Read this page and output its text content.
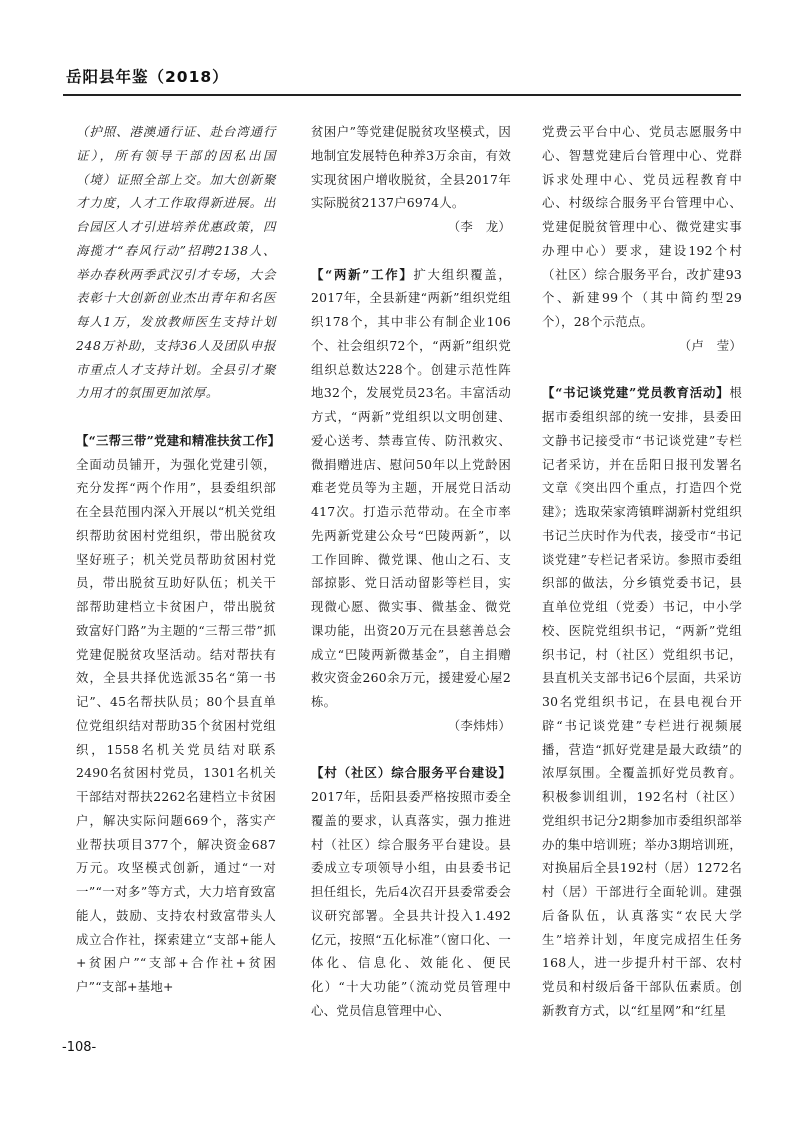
岳阳县年鉴（2018）

（护照、港澳通行证、赴台湾通行证），所有领导干部的因私出国（境）证照全部上交。加大创新聚才力度，人才工作取得新进展。出台园区人才引进培养优惠政策，四海揽才“春风行动”招聘2138人、举办春秋两季武汉引才专场，大会表彰十大创新创业杰出青年和名医每人1万，发放教师医生支持计划248万补助，支持36人及团队申报市重点人才支持计划。全县引才聚力用才的氛围更加浓厚。

【“三帮三带”党建和精准扶贫工作】全面动员铺开，为强化党建引领，充分发挥“两个作用”，县委组织部在全县范围内深入开展以“机关党组织帮助贫困村党组织，带出脱贫攻坚好班子；机关党员帮助贫困村党员，带出脱贫互助好队伍；机关干部帮助建档立卡贫困户，带出脱贫致富好门路”为主题的“三帮三带”抓党建促脱贫攻坚活动。结对帮扶有效，全县共择优选派35名“第一书记”、45名帮扶队员；80个县直单位党组织结对帮助35个贫困村党组织，1558名机关党员结对联系2490名贫困村党员，1301名机关干部结对帮扶2262名建档立卡贫困户，解决实际问题669个，落实产业帮扶项目377个，解决资金687万元。攻坚模式创新，通过“一对一”“一对多”等方式，大力培育致富能人，鼓励、支持农村致富带头人成立合作社，探索建立“支部+能人+贫困户”“支部+合作社+贫困户”“支部+基地+

贫困户”等党建促脱贫攻坚模式，因地制宜发展特色种养3万余亩，有效实现贫困户增收脱贫，全县2017年实际脱贫2137户6974人。

（李　龙）

【“两新”工作】扩大组织覆盖，2017年，全县新建“两新”组织党组织178个，其中非公有制企业106个、社会组织72个，“两新”组织党组织总数达228个。创建示范性阵地32个，发展党员23名。丰富活动方式，“两新”党组织以文明创建、爱心送考、禁毒宣传、防汛救灾、微捐赠进店、慰问50年以上党龄困难老党员等为主题，开展党日活动417次。打造示范带动。在全市率先两新党建公众号“巴陵两新”，以工作回眸、微党课、他山之石、支部掠影、党日活动留影等栏目，实现微心愿、微实事、微基金、微党课功能，出资20万元在县慈善总会成立“巴陵两新微基金”，自主捐赠救灾资金260余万元，援建爱心屋2栋。

（李炜炜）

【村（社区）综合服务平台建设】2017年，岳阳县委严格按照市委全覆盖的要求，认真落实，强力推进村（社区）综合服务平台建设。县委成立专项领导小组，由县委书记担任组长，先后4次召开县委常委会议研究部署。全县共计投入1.492亿元，按照“五化标准”（窗口化、一体化、信息化、效能化、便民化）“十大功能”（流动党员管理中心、党员信息管理中心、

党费云平台中心、党员志愿服务中心、智慧党建后台管理中心、党群诉求处理中心、党员远程教育中心、村级综合服务平台管理中心、党建促脱贫管理中心、微党建实事办理中心）要求，建设192个村（社区）综合服务平台，改扩建93个、新建99个（其中简约型29个），28个示范点。

（卢　莹）

【“书记谈党建”党员教育活动】根据市委组织部的统一安排，县委田文静书记接受市“书记谈党建”专栏记者采访，并在岳阳日报刊发署名文章《突出四个重点，打造四个党建》；选取荣家湾镇畔湖新村党组织书记兰庆时作为代表，接受市“书记谈党建”专栏记者采访。参照市委组织部的做法，分乡镇党委书记，县直单位党组（党委）书记，中小学校、医院党组织书记，“两新”党组织书记，村（社区）党组织书记，县直机关支部书记6个层面，共采访30名党组织书记，在县电视台开辟“书记谈党建”专栏进行视频展播，营造“抓好党建是最大政绩”的浓厚氛围。全覆盖抓好党员教育。积极参训组训，192名村（社区）党组织书记分2期参加市委组织部举办的集中培训班；举办3期培训班，对换届后全县192村（居）1272名村（居）干部进行全面轮训。建强后备队伍，认真落实“农民大学生”培养计划，年度完成招生任务168人，进一步提升村干部、农村党员和村级后备干部队伍素质。创新教育方式，以“红星网”和“红星

-108-
